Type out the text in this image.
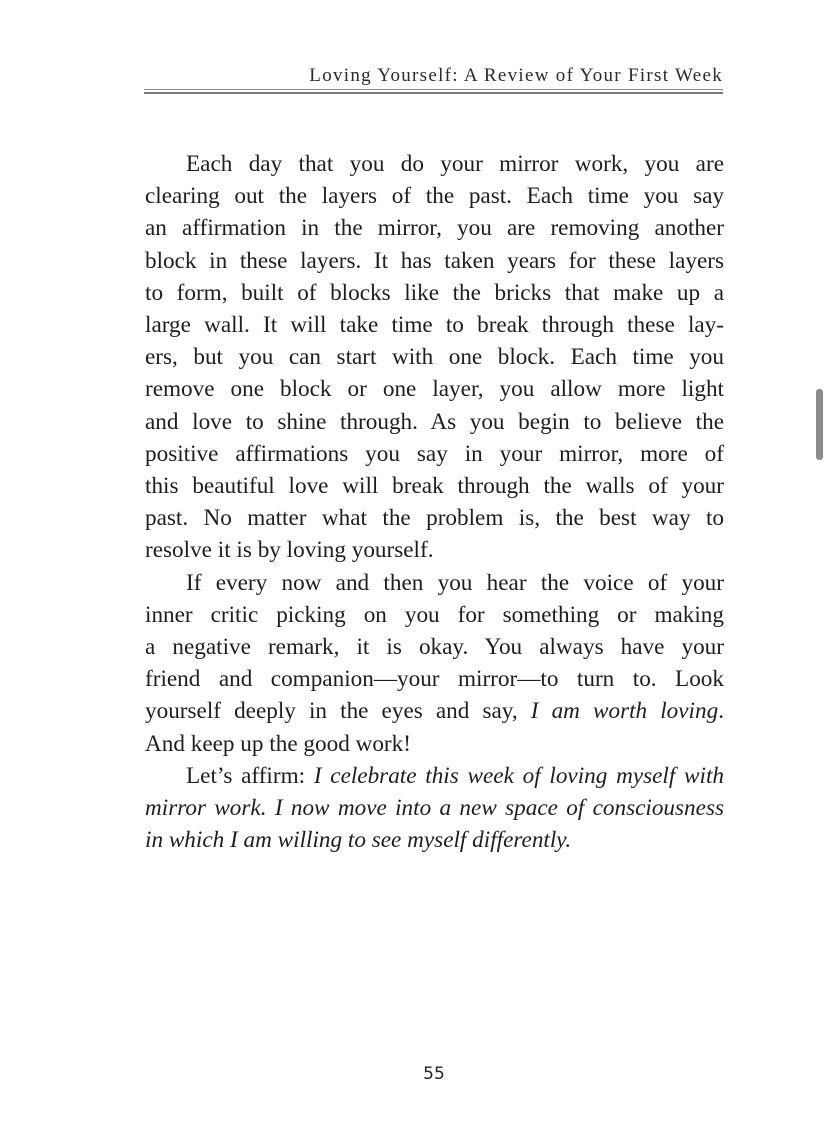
Loving Yourself: A Review of Your First Week

Each day that you do your mirror work, you are
clearing out the layers of the past. Each time you say
an affirmation in the mirror, you are removing another
block in these layers. It has taken years for these layers
to form, built of blocks like the bricks that make up a
large wall. It will take time to break through these lay-
ers, but you can start with one block. Each time you
remove one block or one layer, you allow more light
and love to shine through. As you begin to believe the
positive affirmations you say in your mirror, more of
this beautiful love will break through the walls of your
past. No matter what the problem is, the best way to
resolve it is by loving yourself.

If every now and then you hear the voice of your
inner critic picking on you for something or making
a negative remark, it is okay. You always have your
friend and companion—your mirror—to turn to. Look
yourself deeply in the eyes and say, I am worth loving.
And keep up the good work!

Let’s affirm: I celebrate this week of loving myself with
mirror work. I now move into a new space of consciousness
in which I am willing to see myself differently.

55
